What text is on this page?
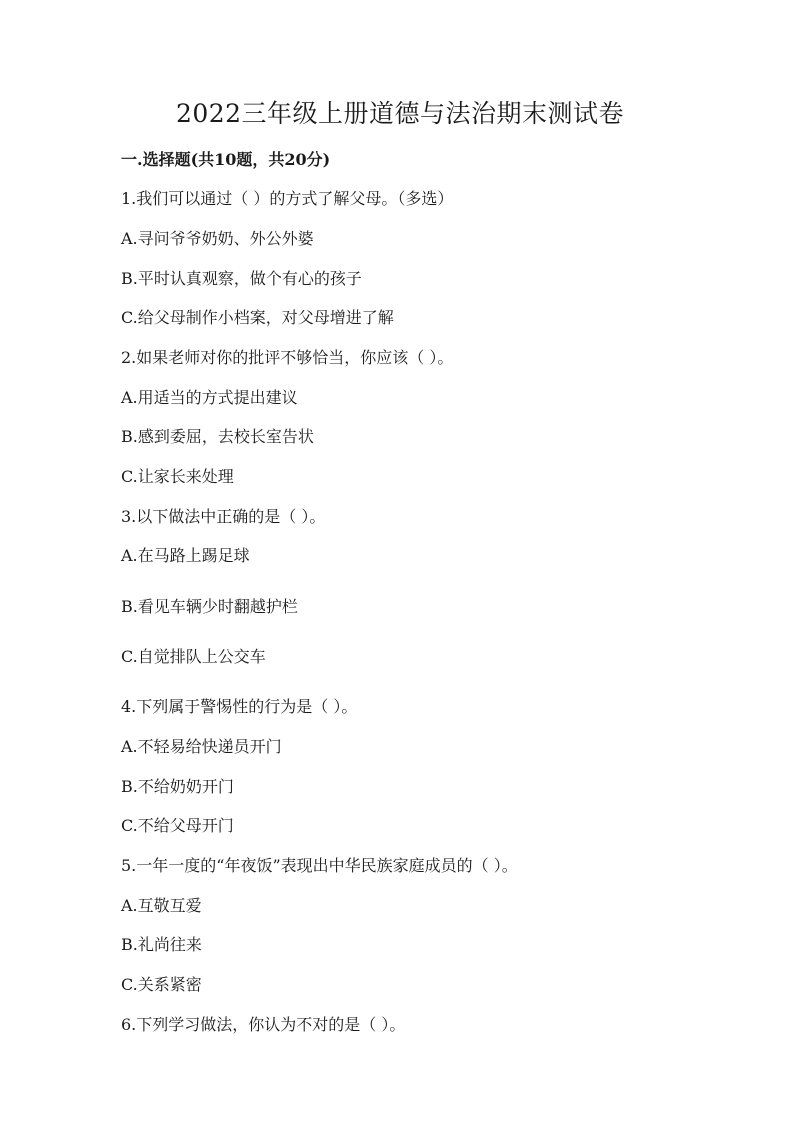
2022三年级上册道德与法治期末测试卷
一.选择题(共10题，共20分)
1.我们可以通过（ ）的方式了解父母。（多选）
A.寻问爷爷奶奶、外公外婆
B.平时认真观察，做个有心的孩子
C.给父母制作小档案，对父母增进了解
2.如果老师对你的批评不够恰当，你应该（ ）。
A.用适当的方式提出建议
B.感到委屈，去校长室告状
C.让家长来处理
3.以下做法中正确的是（ ）。
A.在马路上踢足球
B.看见车辆少时翻越护栏
C.自觉排队上公交车
4.下列属于警惕性的行为是（ ）。
A.不轻易给快递员开门
B.不给奶奶开门
C.不给父母开门
5.一年一度的“年夜饭”表现出中华民族家庭成员的（ ）。
A.互敬互爱
B.礼尚往来
C.关系紧密
6.下列学习做法，你认为不对的是（ ）。
